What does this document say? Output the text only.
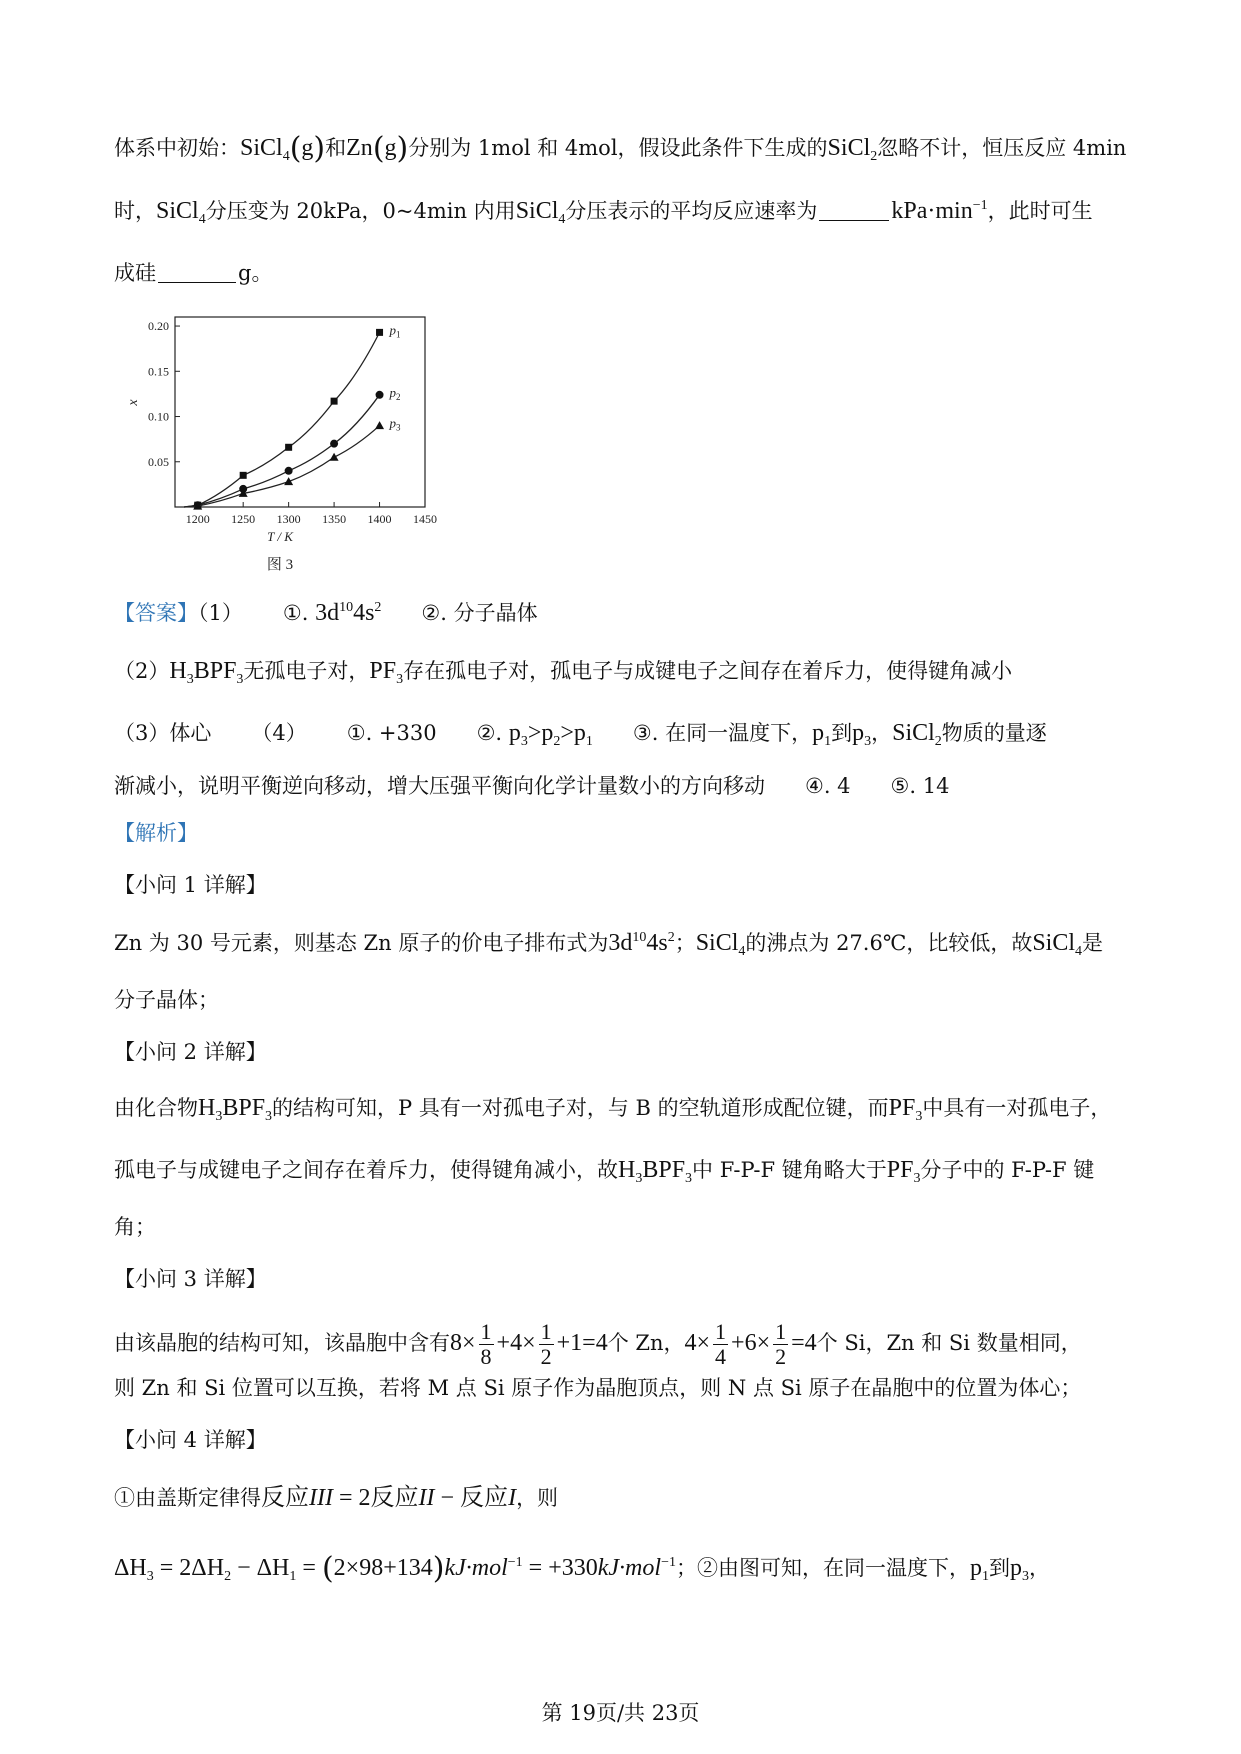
体系中初始：SiCl$_4$(g)和Zn(g)分别为 1mol 和 4mol，假设此条件下生成的SiCl$_2$忽略不计，恒压反应 4min
时，SiCl$_4$分压变为 20kPa，0~4min 内用SiCl$_4$分压表示的平均反应速率为	$kPa\cdot\min^{-1}$，此时可生
成硅	g。
1200 1250 1300 1350 1400 1450
0.05
0.10
0.15
0.20
T / K
x
图 3
$p_1$
$p_2$
$p_3$
【答案】（1） ①. $3d^{10}4s^2$ ②. 分子晶体
$(2)H_3BPF_3$无孤电子对，$PF_3$存在孤电子对，孤电子与成键电子之间存在着斥力，使得键角减小
（3）体心 （4） ①. +330 ②. $p_3>p_2>p_1$ ③. 在同一温度下，$p_1$到$p_3$，SiCl$_2$物质的量逐
渐减小，说明平衡逆向移动，增大压强平衡向化学计量数小的方向移动 ④. 4 ⑤. 14
【解析】
【小问 1 详解】
Zn 为 30 号元素，则基态 Zn 原子的价电子排布式为$3d^{10}4s^2$；SiCl$_4$的沸点为 27.6℃，比较低，故SiCl$_4$是
分子晶体；
【小问 2 详解】
由化合物$H_3BPF_3$的结构可知，P 具有一对孤电子对，与 B 的空轨道形成配位键，而$PF_3$中具有一对孤电子，
孤电子与成键电子之间存在着斥力，使得键角减小，故$H_3BPF_3$中 F-P-F 键角略大于$PF_3$分子中的 F-P-F 键
角；
【小问 3 详解】
由该晶胞的结构可知，该晶胞中含有$8\times \frac{1}{8} +4\times \frac{1}{2} +1=4$个 Zn，$4\times \frac{1}{4} +6\times \frac{1}{2} =4$个 Si，Zn 和 Si 数量相同，
则 Zn 和 Si 位置可以互换，若将 M 点 Si 原子作为晶胞顶点，则 N 点 Si 原子在晶胞中的位置为体心；
【小问 4 详解】
①由盖斯定律得反应III = 2反应II − 反应I，则
$\Delta H_3 = 2\Delta H_2 - \Delta H_1 = (2\times 98+134)kJ\cdot mol^{-1} = +330kJ\cdot mol^{-1}$；②由图可知，在同一温度下，$p_1$到$p_3$，
第 19页/共 23页
